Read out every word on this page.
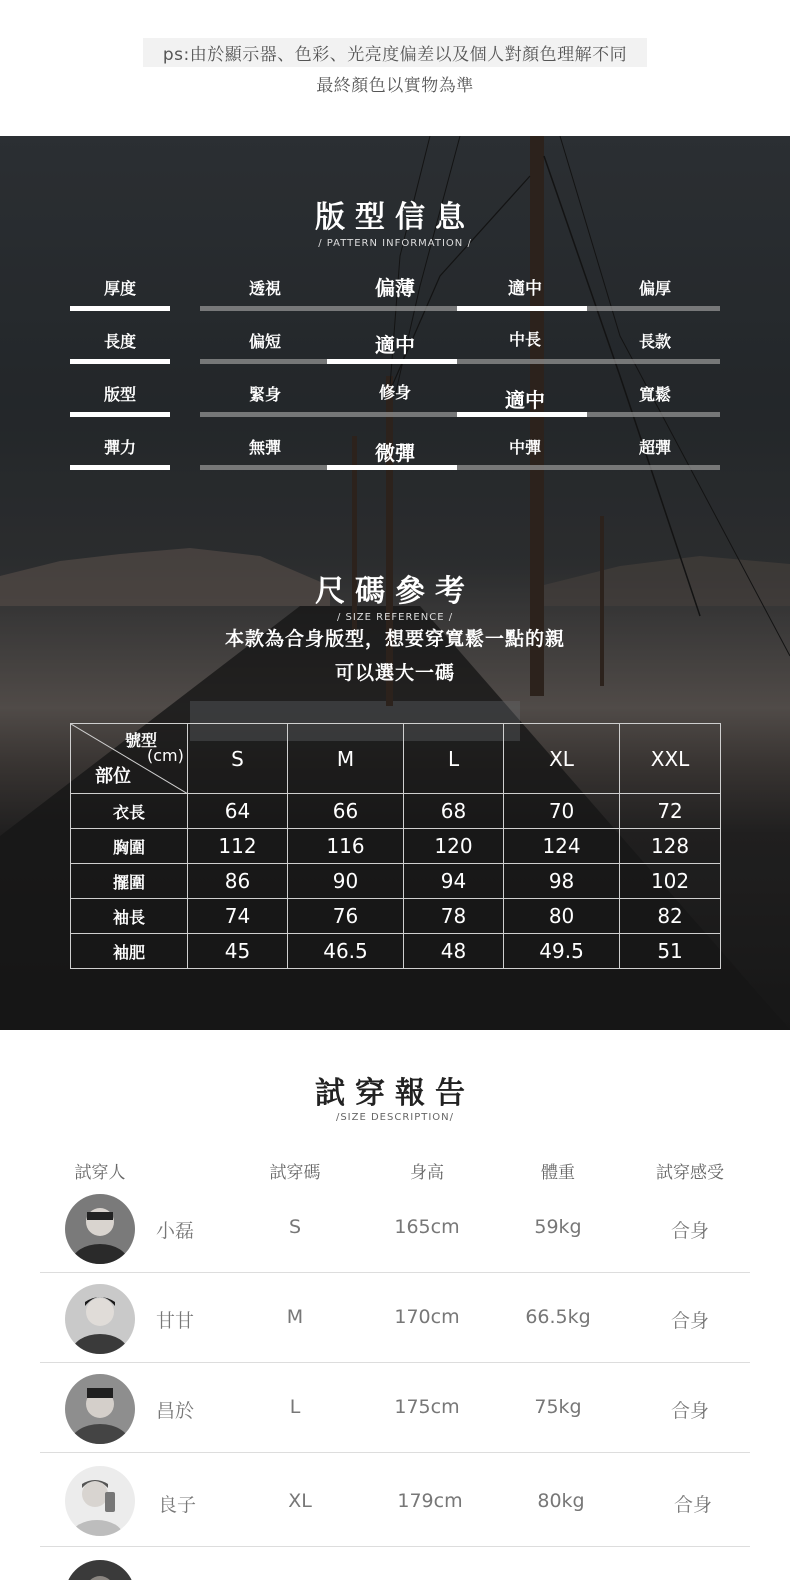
ps:由於顯示器、色彩、光亮度偏差以及個人對顏色理解不同
最終顏色以實物為準
版型信息
/ PATTERN INFORMATION /
厚度	透視	偏薄	適中	偏厚
長度	偏短	適中	中長	長款
版型	緊身	修身	適中	寬鬆
彈力	無彈	微彈	中彈	超彈
尺碼參考
/ SIZE REFERENCE /
本款為合身版型，想要穿寬鬆一點的親
可以選大一碼
號型
(cm)
部位	S	M	L	XL	XXL
衣長	64	66	68	70	72
胸圍	112	116	120	124	128
擺圍	86	90	94	98	102
袖長	74	76	78	80	82
袖肥	45	46.5	48	49.5	51
試穿報告
/SIZE DESCRIPTION/
試穿人	試穿碼	身高	體重	試穿感受
小磊	S	165cm	59kg	合身
甘甘	M	170cm	66.5kg	合身
昌於	L	175cm	75kg	合身
良子	XL	179cm	80kg	合身
